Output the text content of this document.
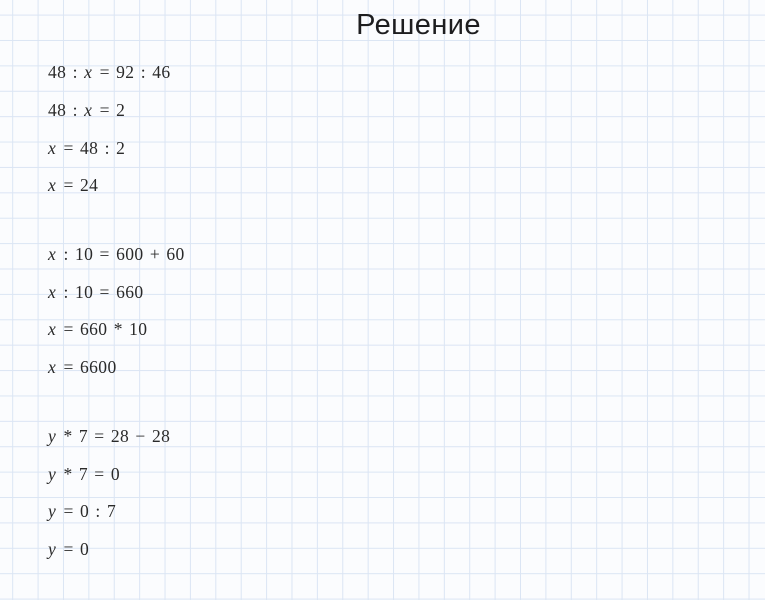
Решение
48 : x = 92 : 46
48 : x = 2
x = 48 : 2
x = 24
x : 10 = 600 + 60
x : 10 = 660
x = 660 * 10
x = 6600
y * 7 = 28 − 28
y * 7 = 0
y = 0 : 7
y = 0
